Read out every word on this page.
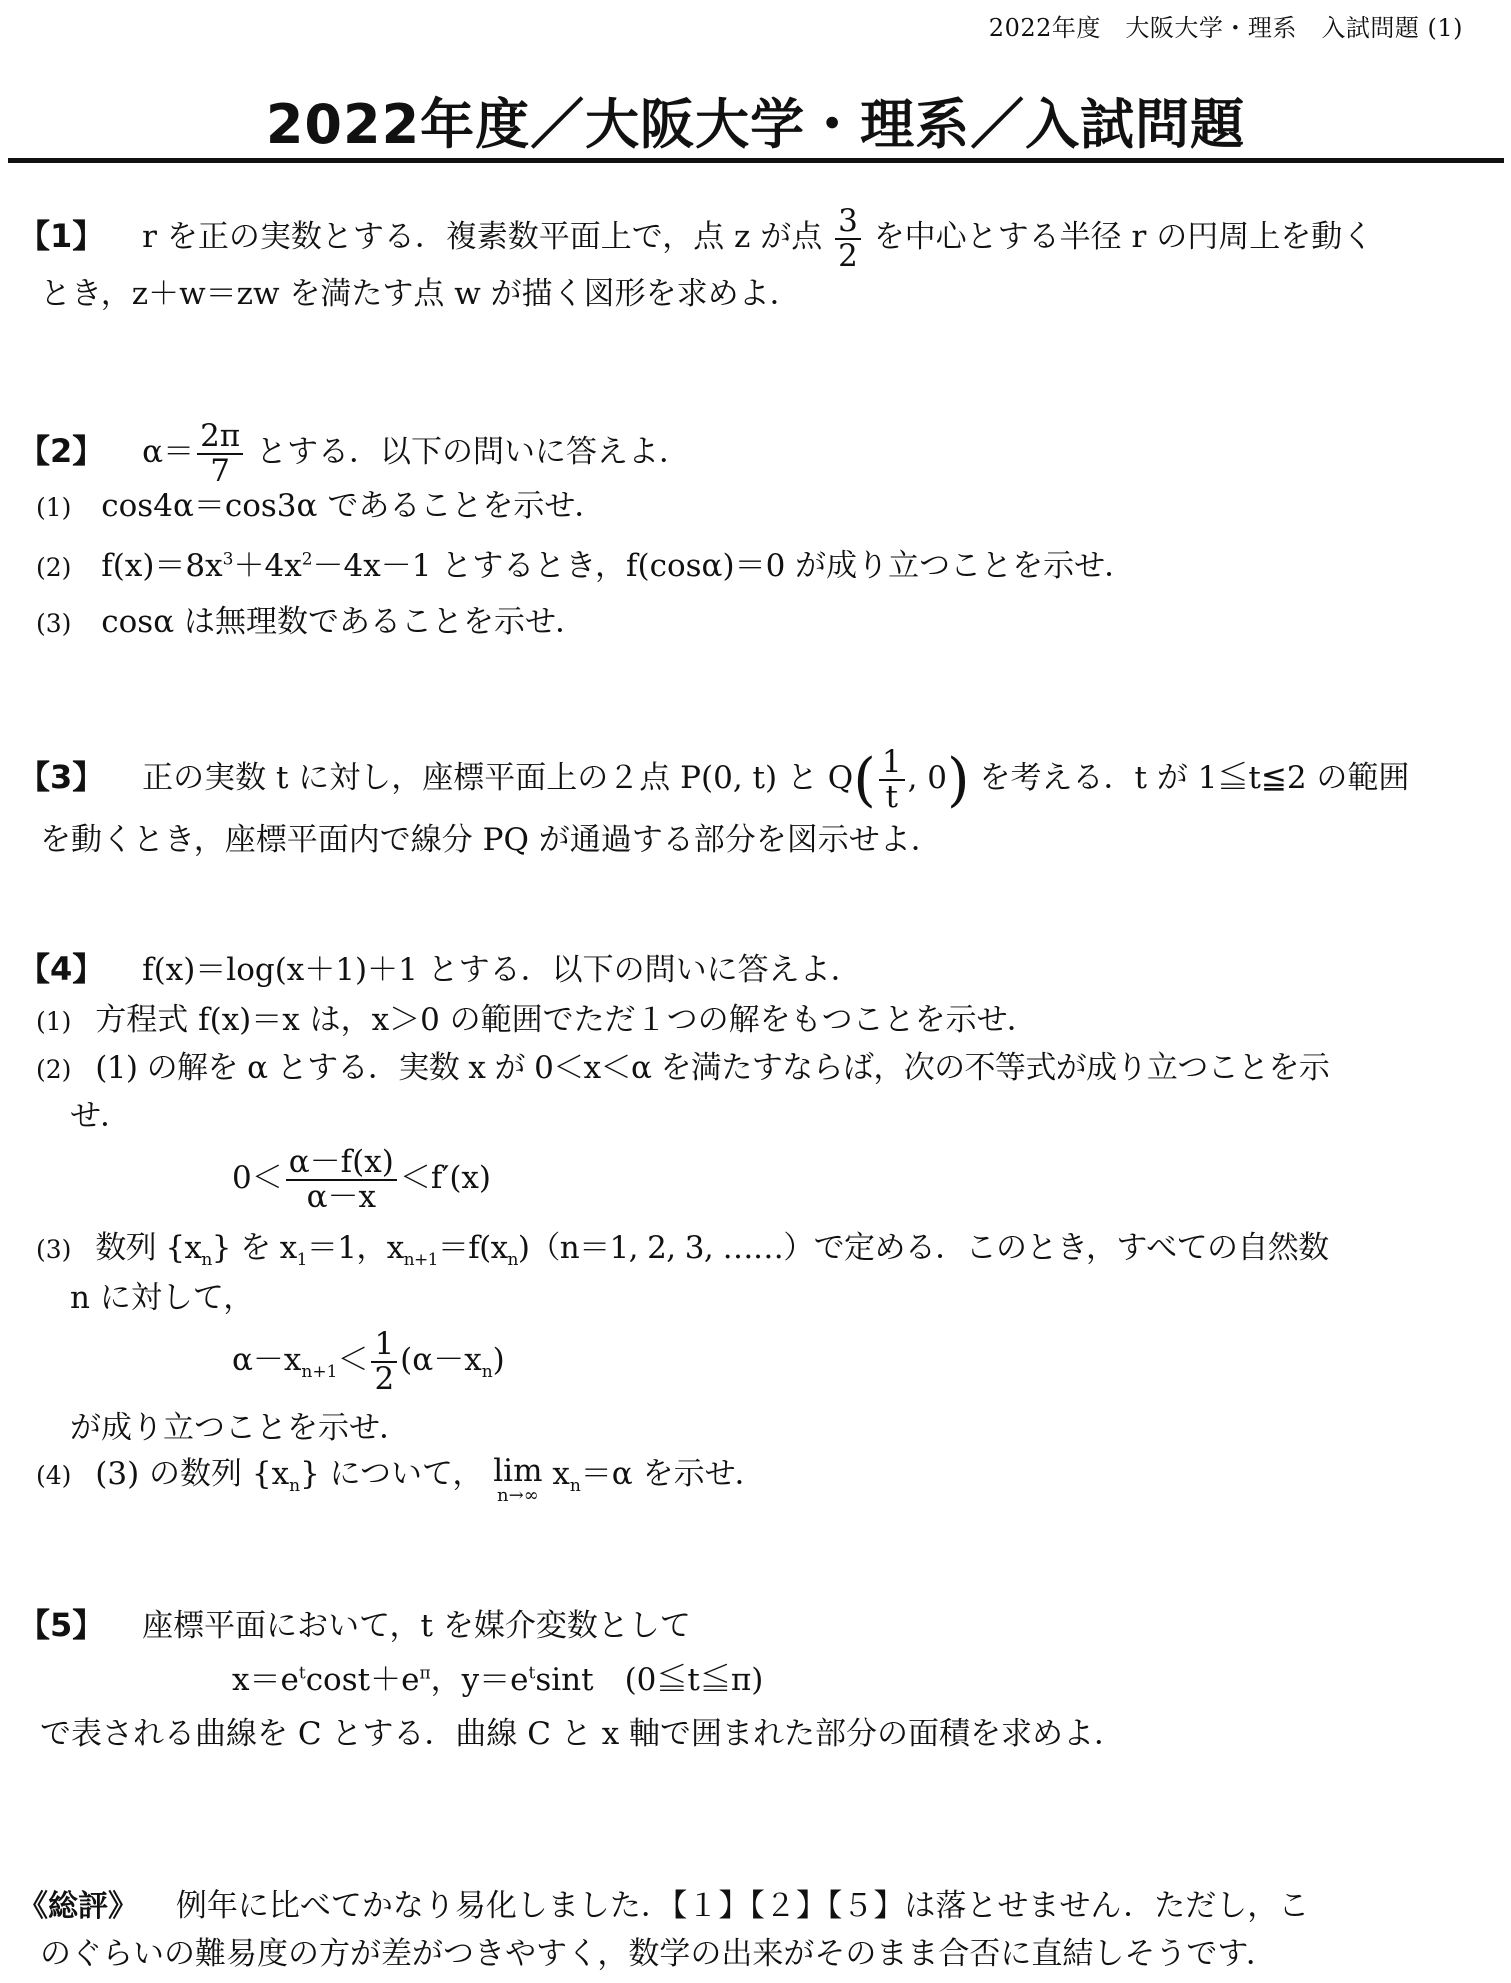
2022年度　大阪大学・理系　入試問題 (1)
2022年度／大阪大学・理系／入試問題
【1】 r を正の実数とする．複素数平面上で，点 z が点 $\frac{3}{2}$ を中心とする半径 r の円周上を動く
とき，z＋w＝zw を満たす点 w が描く図形を求めよ．
【2】 $\alpha= \frac{2\pi}{7}$ とする．以下の問いに答えよ．
(1) cos4α＝cos3α であることを示せ．
(2) $f(x)=8x^3+4x^2-4x-1$ とするとき，f(cosα)＝0 が成り立つことを示せ．
(3) cosα は無理数であることを示せ．
【3】 正の実数 t に対し，座標平面上の２点 P(0, t) と $Q( \frac{1}{t}$ , 0) を考える．t が 1≦t≦2 の範囲
を動くとき，座標平面内で線分 PQ が通過する部分を図示せよ．
【4】 f(x)＝log(x＋1)＋1 とする．以下の問いに答えよ．
(1) 方程式 f(x)＝x は，x＞0 の範囲でただ１つの解をもつことを示せ．
(2) (1) の解を α とする．実数 x が 0＜x＜α を満たすならば，次の不等式が成り立つことを示
せ．
$0< \frac{\alpha-f(x)}{\alpha-x} <f'(x)$
(3) 数列 $\{x_n\}$ を $x_1=1$，$x_{n+1}=f(x_n)(n=1$, 2, 3, ……）で定める．このとき，すべての自然数
n に対して，
$\alpha-x_{n+1}< \frac{1}{2} (\alpha-x_n)$
が成り立つことを示せ．
(4) (3) の数列 $\{x_n\}$ について， lim
n→∞
$x_n=\alpha$ を示せ．
【5】 座標平面において，t を媒介変数として
$x=e^t\cos t+e^\pi$，$y=e^t\sin t$　(0≦t≦π)
で表される曲線を C とする．曲線 C と x 軸で囲まれた部分の面積を求めよ．
《総評》 例年に比べてかなり易化しました．【１】【２】【５】は落とせません．ただし，こ
のぐらいの難易度の方が差がつきやすく，数学の出来がそのまま合否に直結しそうです．
